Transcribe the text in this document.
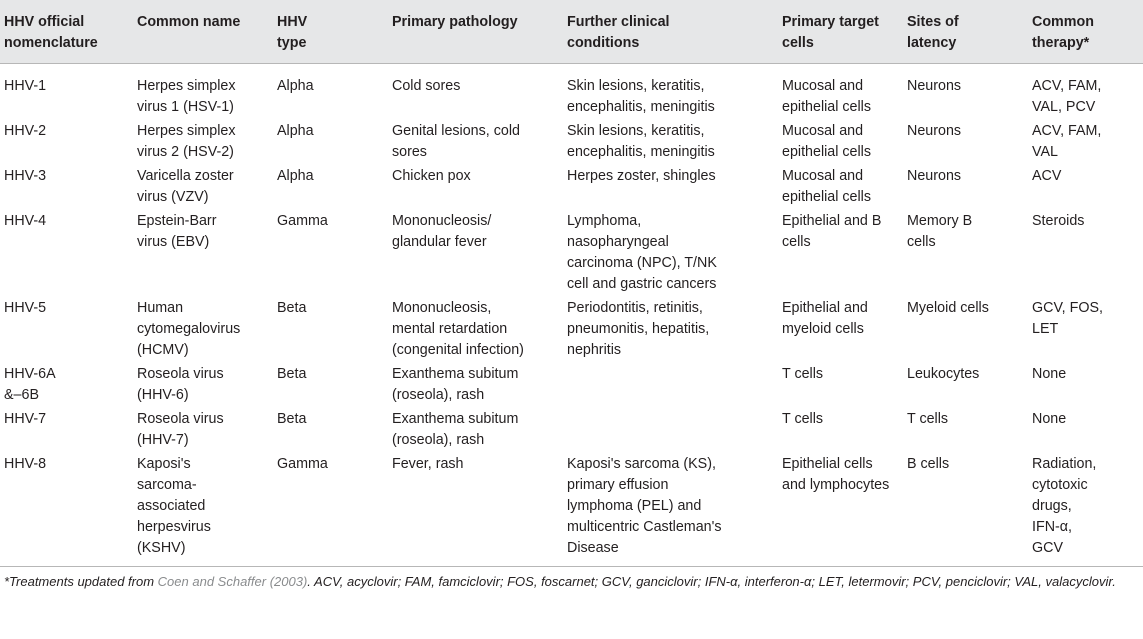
HHV official
nomenclature	Common name	HHV
type	Primary pathology	Further clinical
conditions	Primary target
cells	Sites of
latency	Common
therapy*
HHV-1	Herpes simplex
virus 1 (HSV-1)	Alpha	Cold sores	Skin lesions, keratitis,
encephalitis, meningitis	Mucosal and
epithelial cells	Neurons	ACV, FAM,
VAL, PCV
HHV-2	Herpes simplex
virus 2 (HSV-2)	Alpha	Genital lesions, cold
sores	Skin lesions, keratitis,
encephalitis, meningitis	Mucosal and
epithelial cells	Neurons	ACV, FAM,
VAL
HHV-3	Varicella zoster
virus (VZV)	Alpha	Chicken pox	Herpes zoster, shingles	Mucosal and
epithelial cells	Neurons	ACV
HHV-4	Epstein-Barr
virus (EBV)	Gamma	Mononucleosis/
glandular fever	Lymphoma,
nasopharyngeal
carcinoma (NPC), T/NK
cell and gastric cancers	Epithelial and B
cells	Memory B
cells	Steroids
HHV-5	Human
cytomegalovirus
(HCMV)	Beta	Mononucleosis,
mental retardation
(congenital infection)	Periodontitis, retinitis,
pneumonitis, hepatitis,
nephritis	Epithelial and
myeloid cells	Myeloid cells	GCV, FOS,
LET
HHV-6A
&–6B	Roseola virus
(HHV-6)	Beta	Exanthema subitum
(roseola), rash		T cells	Leukocytes	None
HHV-7	Roseola virus
(HHV-7)	Beta	Exanthema subitum
(roseola), rash		T cells	T cells	None
HHV-8	Kaposi's
sarcoma-
associated
herpesvirus
(KSHV)	Gamma	Fever, rash	Kaposi's sarcoma (KS),
primary effusion
lymphoma (PEL) and
multicentric Castleman's
Disease	Epithelial cells
and lymphocytes	B cells	Radiation,
cytotoxic
drugs,
IFN-α,
GCV
*Treatments updated from Coen and Schaffer (2003). ACV, acyclovir; FAM, famciclovir; FOS, foscarnet; GCV, ganciclovir; IFN-α, interferon-α; LET, letermovir; PCV, penciclovir; VAL, valacyclovir.
